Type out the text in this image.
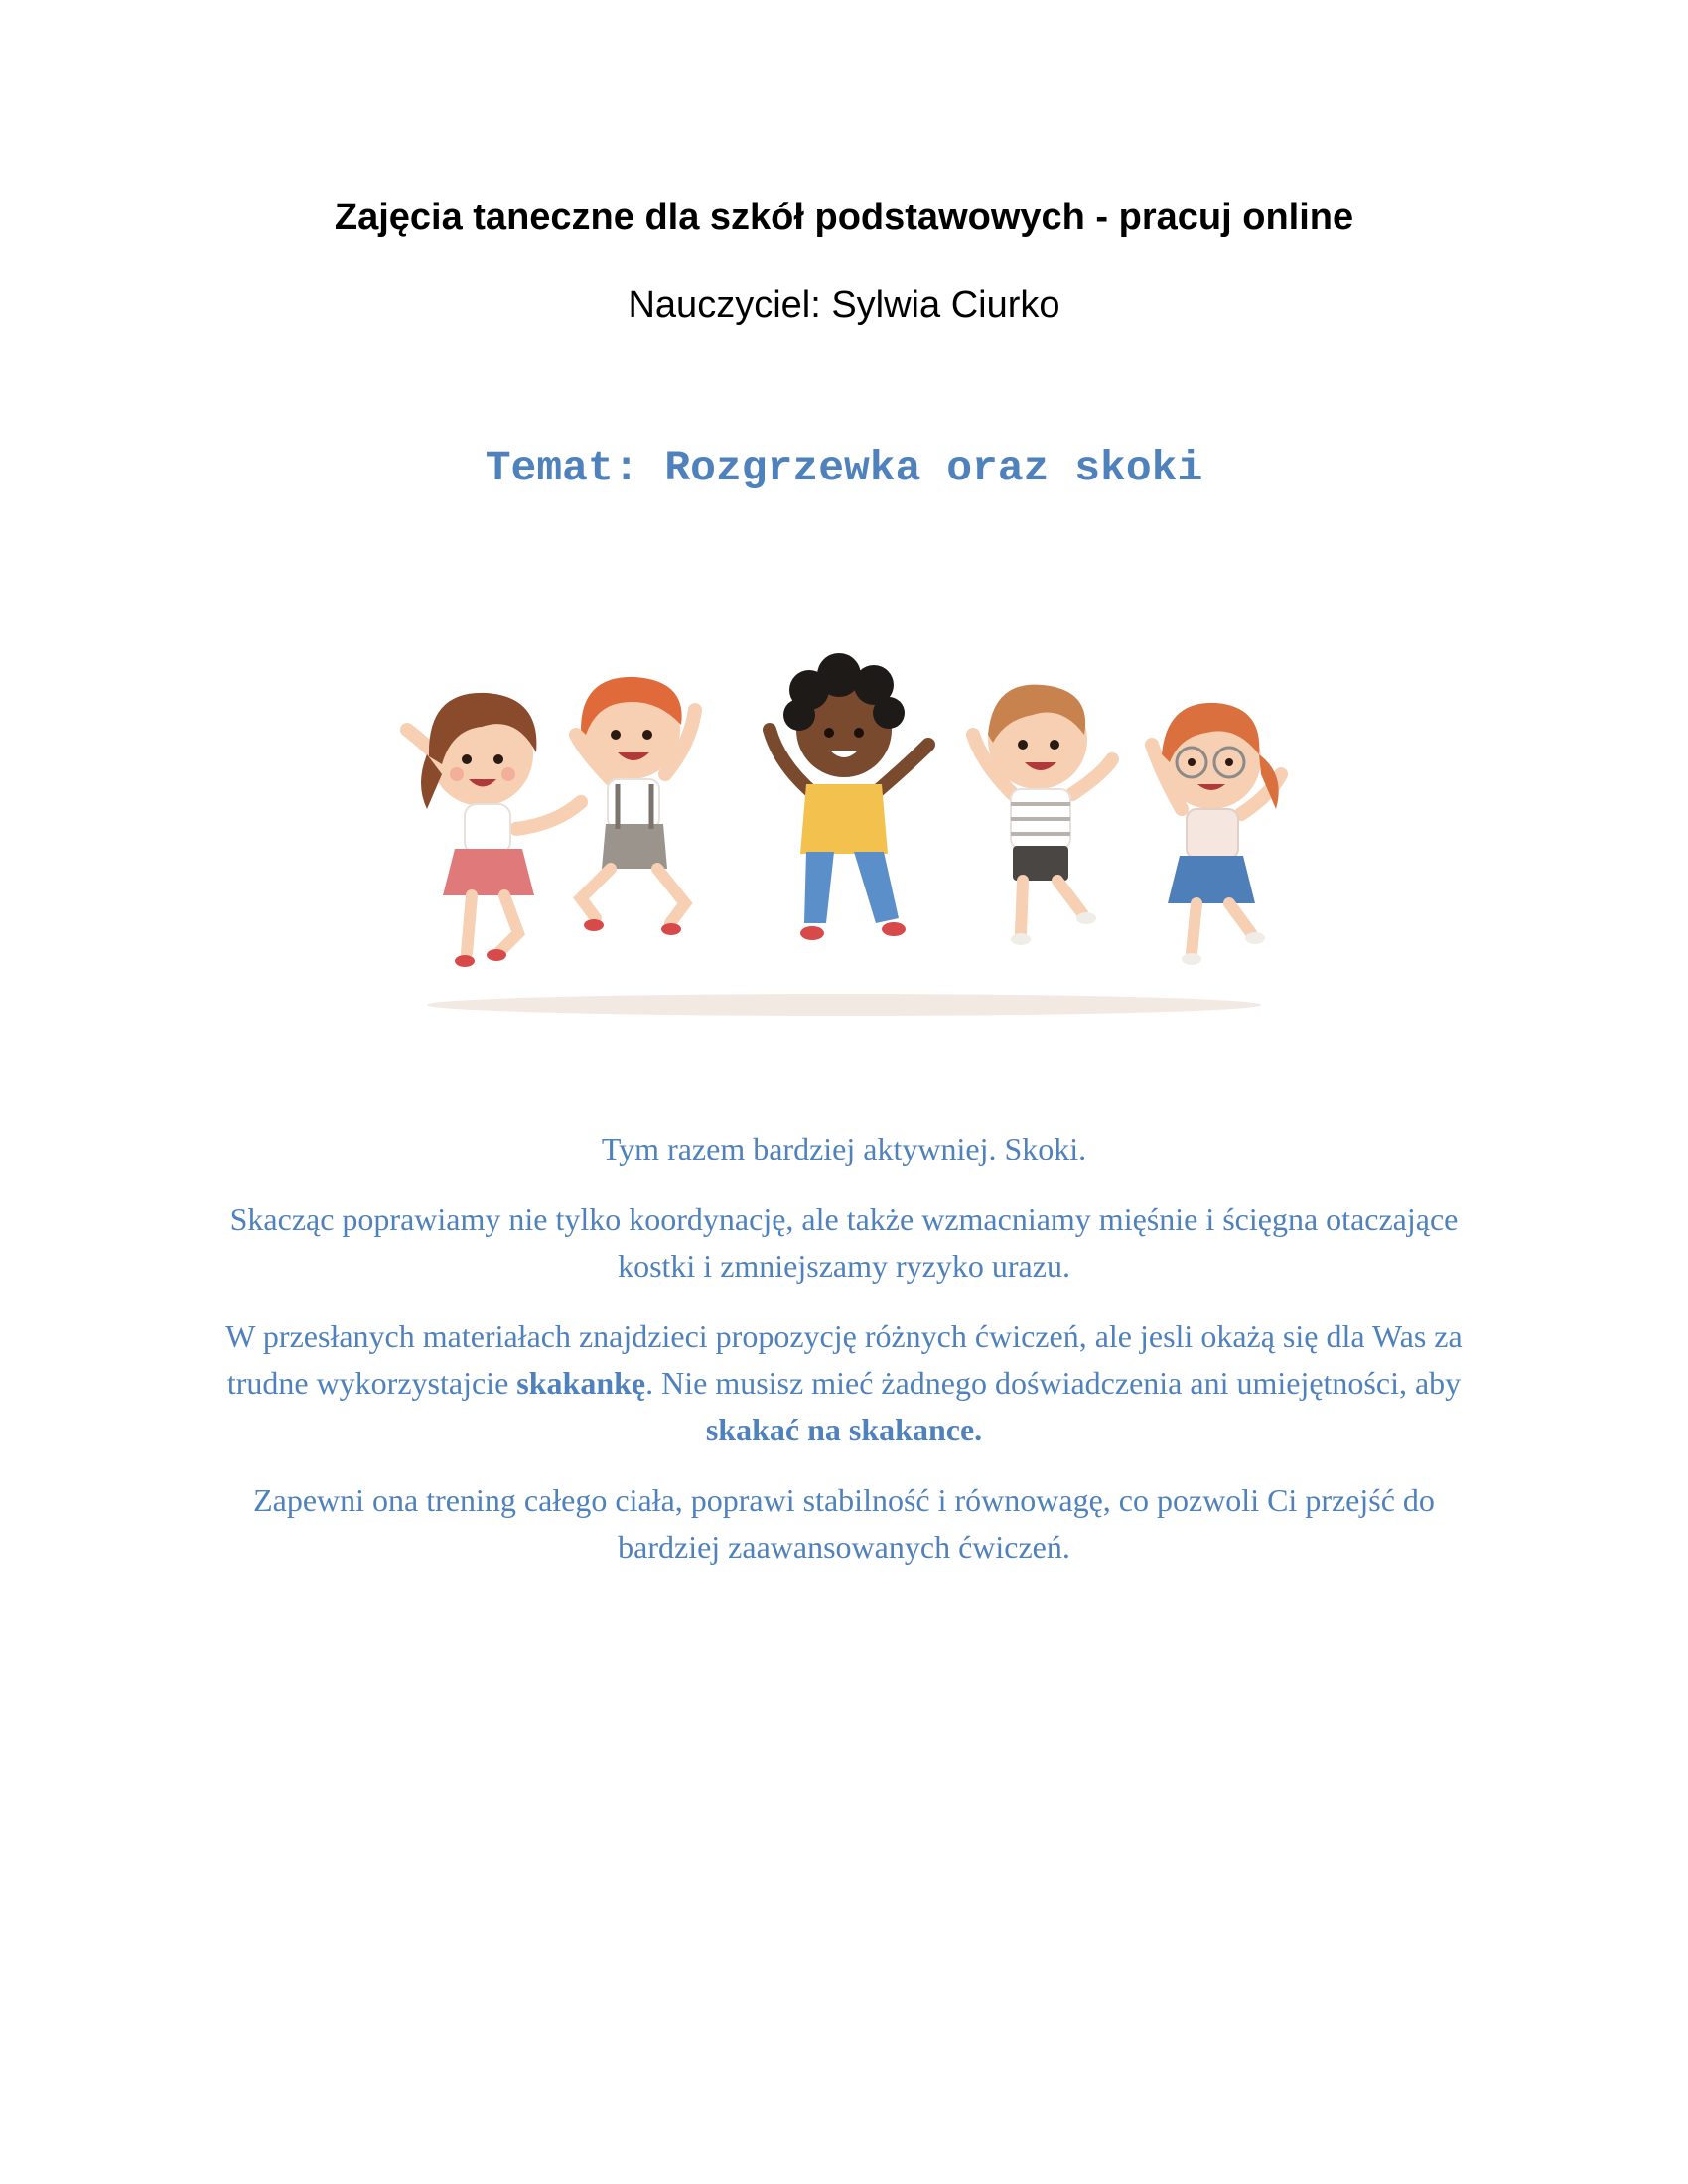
Zajęcia taneczne dla szkół podstawowych - pracuj online
Nauczyciel: Sylwia Ciurko
Temat: Rozgrzewka oraz skoki

Tym razem bardziej aktywniej. Skoki.

Skacząc poprawiamy nie tylko koordynację, ale także wzmacniamy mięśnie i ścięgna otaczające kostki i zmniejszamy ryzyko urazu.

W przesłanych materiałach znajdzieci propozycję różnych ćwiczeń, ale jesli okażą się dla Was za trudne wykorzystajcie skakankę. Nie musisz mieć żadnego doświadczenia ani umiejętności, aby skakać na skakance.

Zapewni ona trening całego ciała, poprawi stabilność i równowagę, co pozwoli Ci przejść do bardziej zaawansowanych ćwiczeń.
